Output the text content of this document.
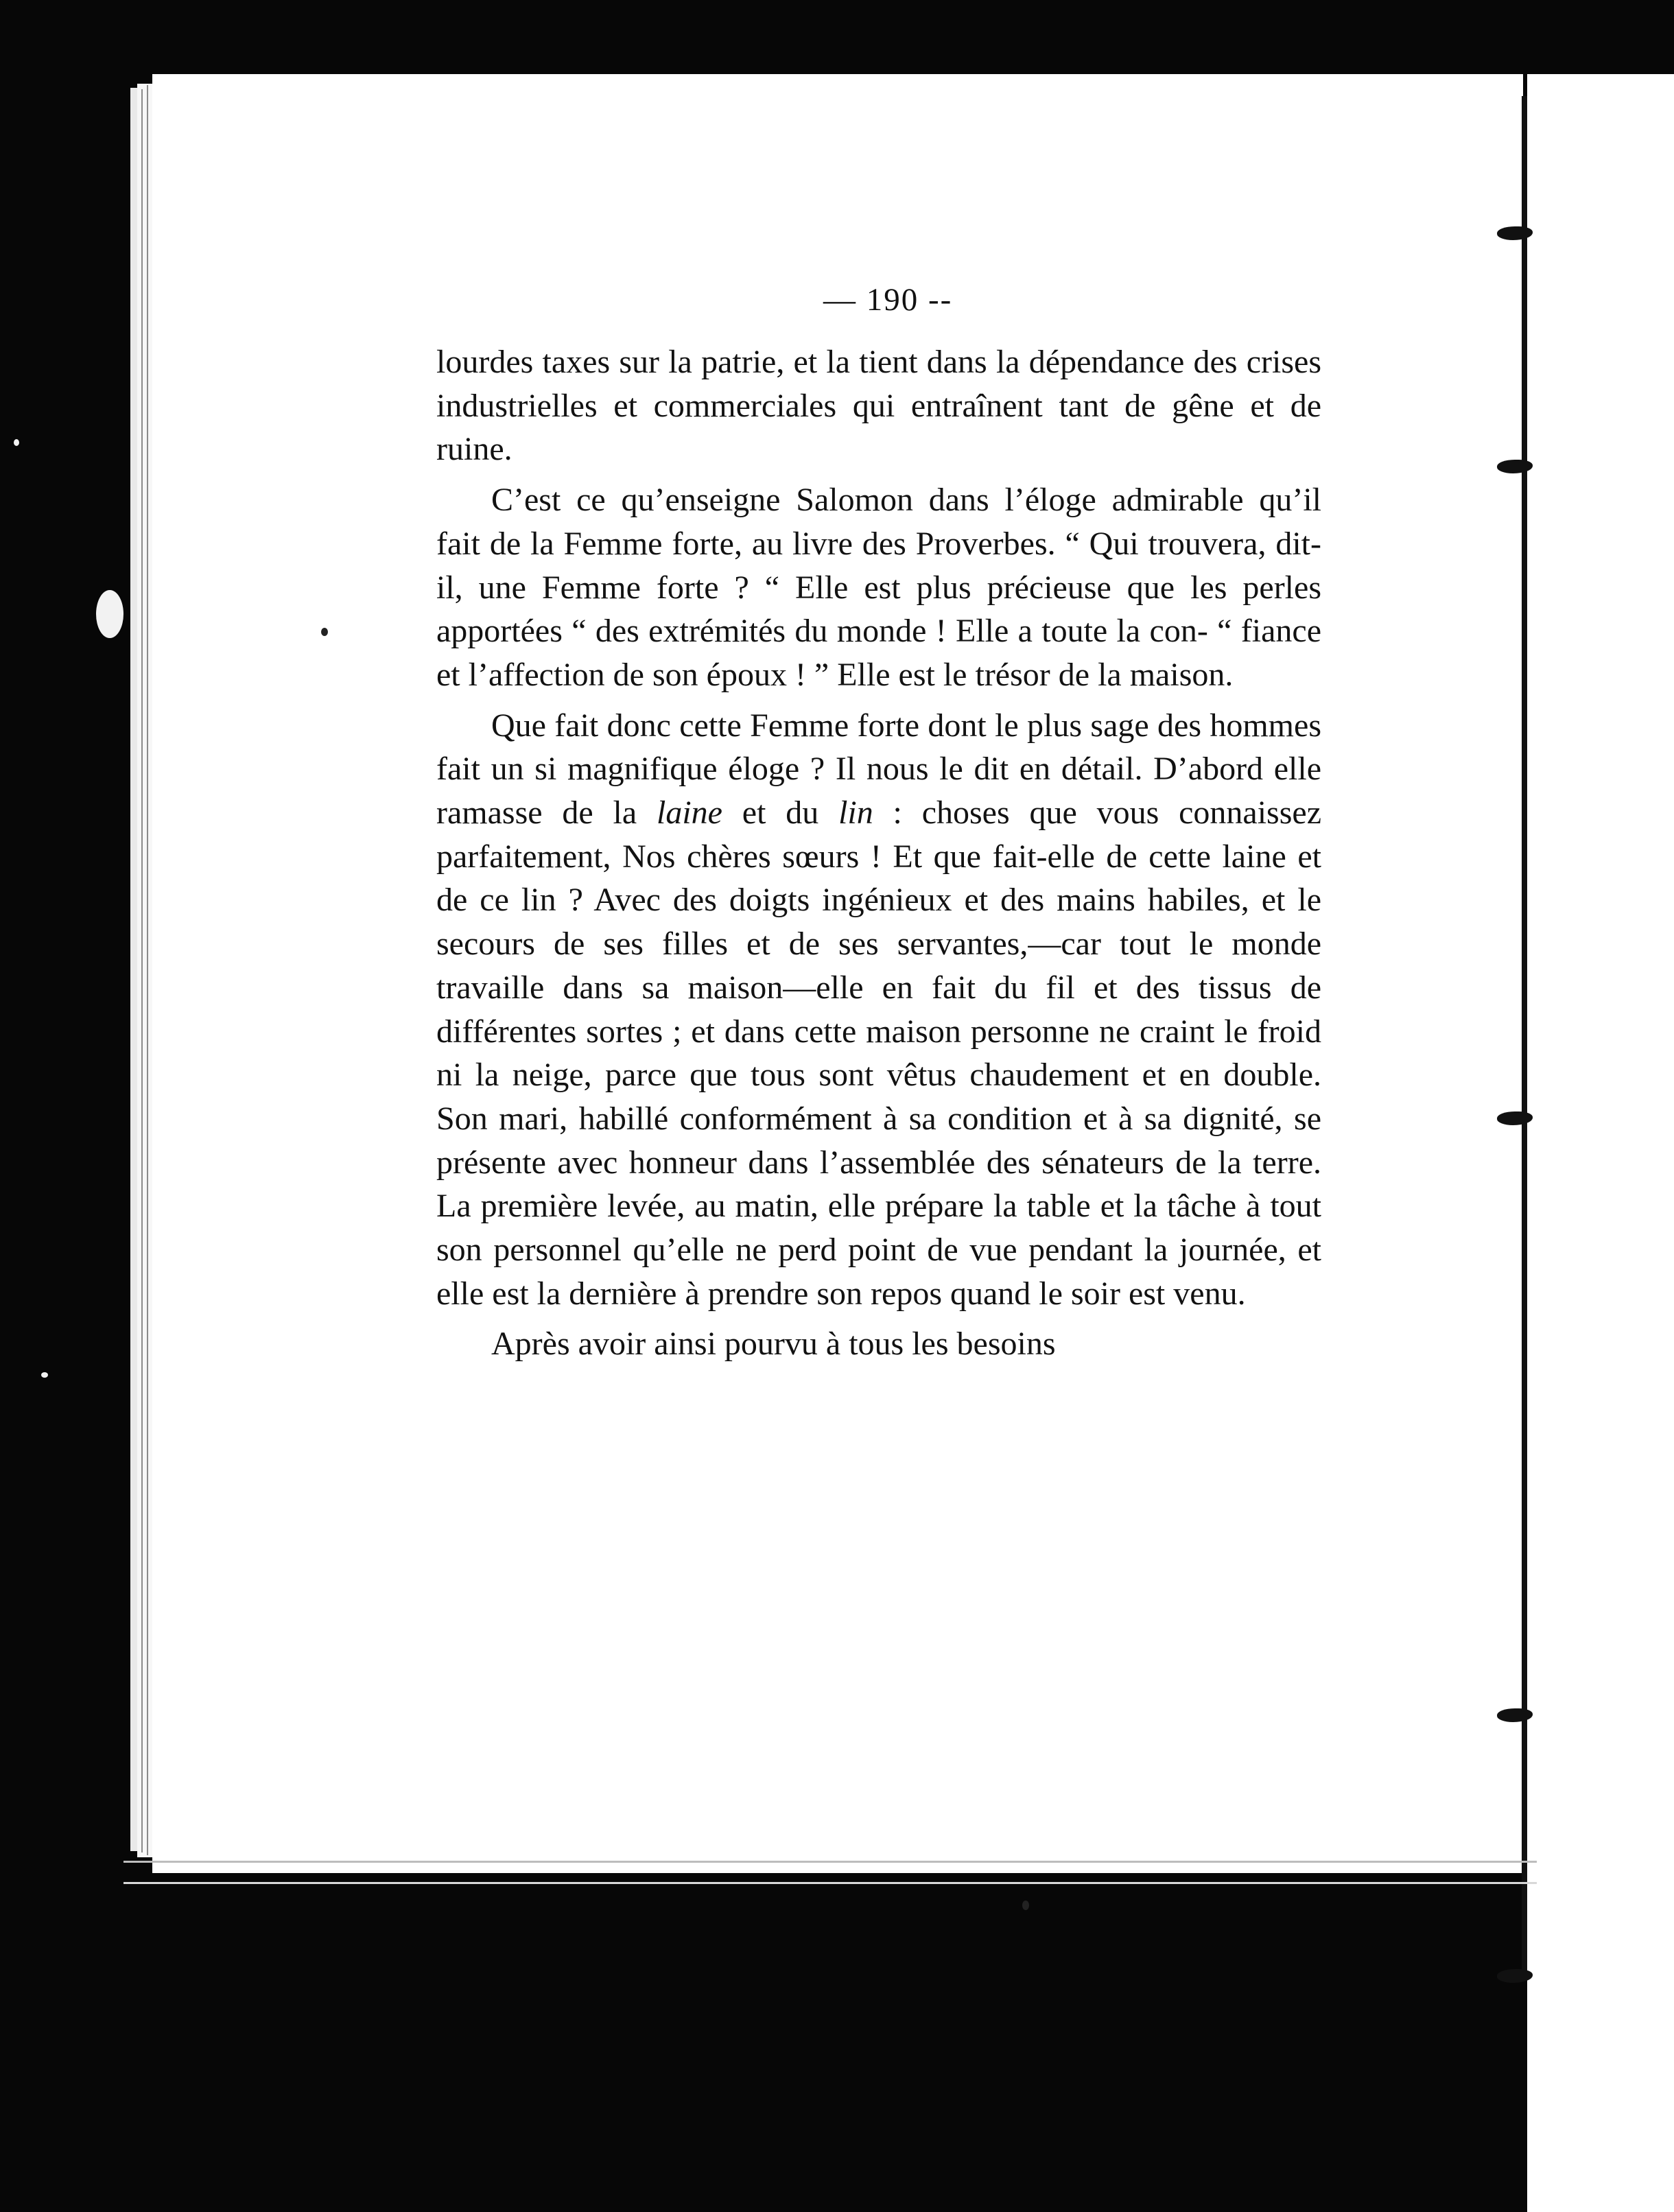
— 190 --

lourdes taxes sur la patrie, et la tient dans la dépendance des crises industrielles et commerciales qui entraînent tant de gêne et de ruine.

C’est ce qu’enseigne Salomon dans l’éloge admirable qu’il fait de la Femme forte, au livre des Proverbes. “ Qui trouvera, dit-il, une Femme forte ? “ Elle est plus précieuse que les perles apportées “ des extrémités du monde ! Elle a toute la con- “ fiance et l’affection de son époux ! ” Elle est le trésor de la maison.

Que fait donc cette Femme forte dont le plus sage des hommes fait un si magnifique éloge ? Il nous le dit en détail. D’abord elle ramasse de la laine et du lin : choses que vous connaissez parfaitement, Nos chères sœurs ! Et que fait-elle de cette laine et de ce lin ? Avec des doigts ingénieux et des mains habiles, et le secours de ses filles et de ses servantes,—car tout le monde travaille dans sa maison—elle en fait du fil et des tissus de différentes sortes ; et dans cette maison personne ne craint le froid ni la neige, parce que tous sont vêtus chaudement et en double. Son mari, habillé conformément à sa condition et à sa dignité, se présente avec honneur dans l’assemblée des sénateurs de la terre. La première levée, au matin, elle prépare la table et la tâche à tout son personnel qu’elle ne perd point de vue pendant la journée, et elle est la dernière à prendre son repos quand le soir est venu.

Après avoir ainsi pourvu à tous les besoins
